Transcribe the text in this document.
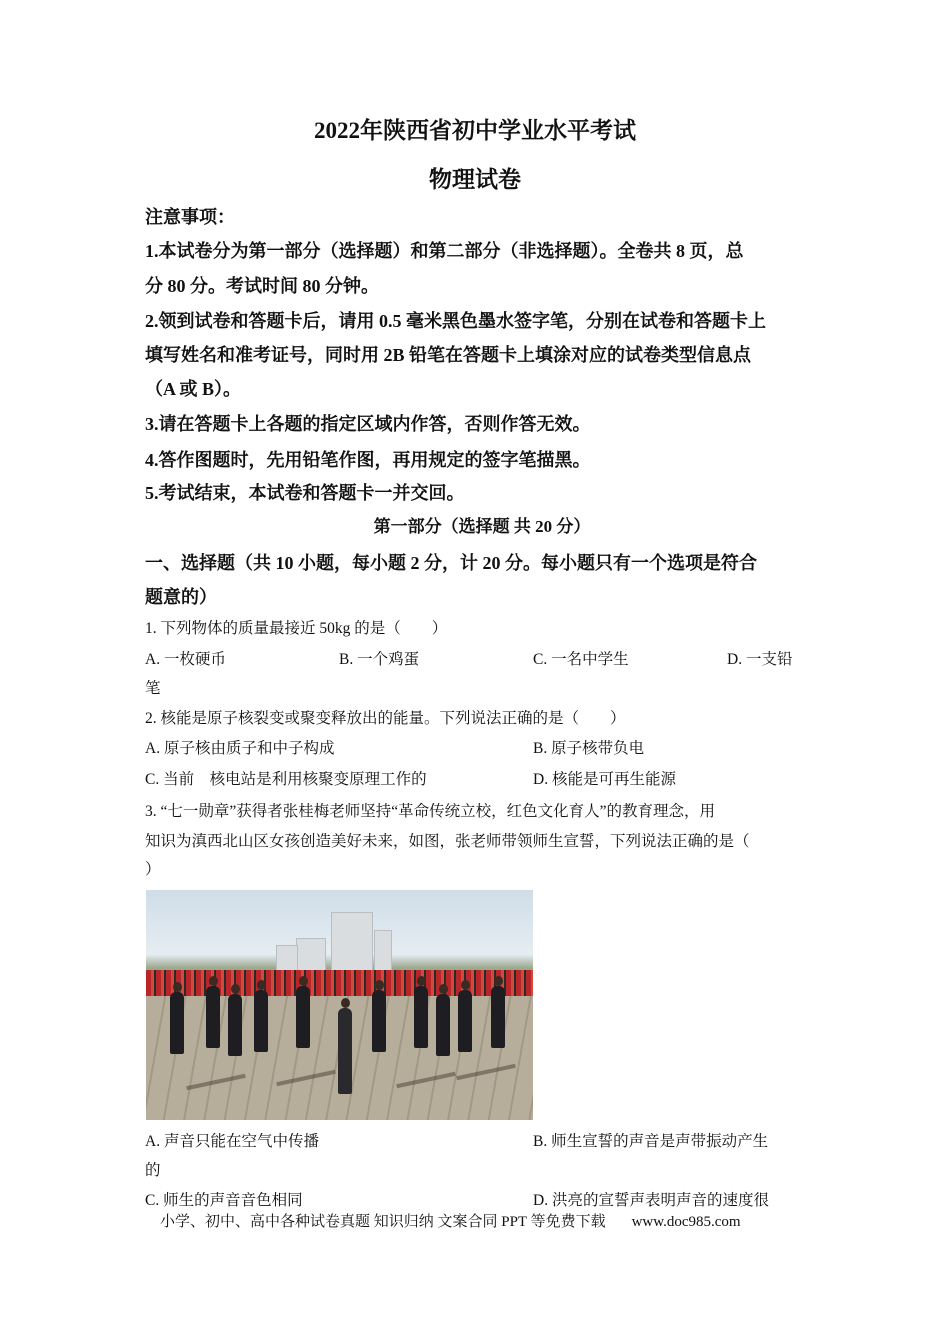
2022年陕西省初中学业水平考试
物理试卷
注意事项：
1.本试卷分为第一部分（选择题）和第二部分（非选择题）。全卷共 8 页，总
分 80 分。考试时间 80 分钟。
2.领到试卷和答题卡后，请用 0.5 毫米黑色墨水签字笔，分别在试卷和答题卡上
填写姓名和准考证号，同时用 2B 铅笔在答题卡上填涂对应的试卷类型信息点
（A 或 B）。
3.请在答题卡上各题的指定区域内作答，否则作答无效。
4.答作图题时，先用铅笔作图，再用规定的签字笔描黑。
5.考试结束，本试卷和答题卡一并交回。
第一部分（选择题 共 20 分）
一、选择题（共 10 小题，每小题 2 分，计 20 分。每小题只有一个选项是符合
题意的）
1. 下列物体的质量最接近 50kg 的是（　　）
A. 一枚硬币	B. 一个鸡蛋	C. 一名中学生	D. 一支铅
笔
2. 核能是原子核裂变或聚变释放出的能量。下列说法正确的是（　　）
A. 原子核由质子和中子构成	B. 原子核带负电
C. 当前　核电站是利用核聚变原理工作的	D. 核能是可再生能源
3. “七一勋章”获得者张桂梅老师坚持“革命传统立校，红色文化育人”的教育理念，用
知识为滇西北山区女孩创造美好未来，如图，张老师带领师生宣誓，下列说法正确的是（
）
A. 声音只能在空气中传播	B. 师生宣誓的声音是声带振动产生
的
C. 师生的声音音色相同	D. 洪亮的宣誓声表明声音的速度很
小学、初中、高中各种试卷真题 知识归纳 文案合同 PPT 等免费下载 www.doc985.com
